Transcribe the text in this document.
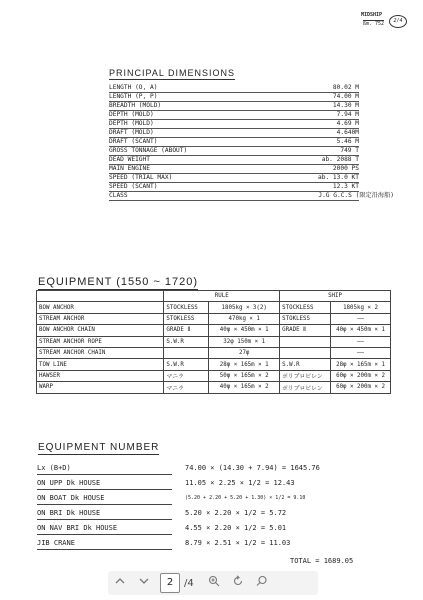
MIDSHIP
ßm. 752	2/4
PRINCIPAL DIMENSIONS
LENGTH (O, A)	80.02 M
LENGTH (P, P)	74.00 M
BREADTH (MOLD)	14.30 M
DEPTH (MOLD)	7.94 M
DEPTH (MOLD)	4.69 M
DRAFT (MOLD)	4.640M
DRAFT (SCANT)	5.46 M
GROSS TONNAGE (ABOUT)	749 T
DEAD WEIGHT	ab. 2088 T
MAIN ENGINE	2000 PS
SPEED (TRIAL MAX)	ab. 13.0 KT
SPEED (SCANT)	12.3 KT
CLASS	J.G G.C.S (限定沿海船)
EQUIPMENT (1550 ~ 1720)
	RULE		SHIP	
BOW ANCHOR	STOCKLESS	1805kg × 3(2)	STOCKLESS	1805kg × 2
STREAM ANCHOR	STOKLESS	470kg × 1	STOKLESS	——
BOW ANCHOR CHAIN	GRADE Ⅱ	40φ × 450m × 1	GRADE Ⅱ	40φ × 450m × 1
STREAM ANCHOR ROPE	S.W.R	32φ 150m × 1		——
STREAM ANCHOR CHAIN		27φ		——
TOW LINE	S.W.R	28φ × 165m × 1	S.W.R	28φ × 165m × 1
HAWSER	マニラ	50φ × 165m × 2	ポリプロピレン	60φ × 200m × 2
WARP	マニラ	40φ × 165m × 2	ポリプロピレン	60φ × 200m × 2
EQUIPMENT NUMBER
Lx (B+D)	74.00 × (14.30 + 7.94) = 1645.76
ON UPP Dk HOUSE	11.05 × 2.25 × 1/2 = 12.43
ON BOAT Dk HOUSE	(5.20 + 2.20 + 5.20 + 1.30) × 1/2 = 9.10
ON BRI Dk HOUSE	5.20 × 2.20 × 1/2 = 5.72
ON NAV BRI Dk HOUSE	4.55 × 2.20 × 1/2 = 5.01
JIB CRANE	8.79 × 2.51 × 1/2 = 11.03
TOTAL = 1689.05
2	/4
